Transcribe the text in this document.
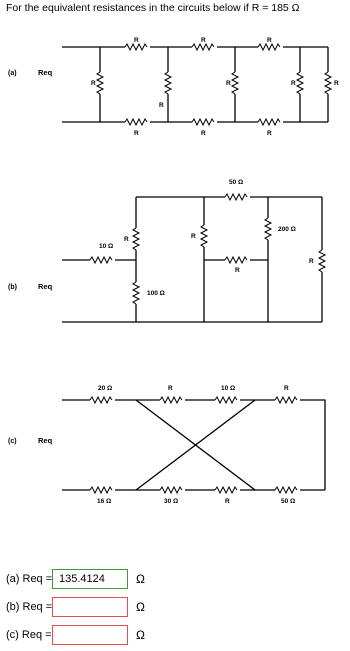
For the equivalent resistances in the circuits below if R = 185 Ω
(a)	Req
R	R	R
R	R	R
R
R
R	R	R
(b)	Req
10 Ω
R
100 Ω
50 Ω
R
200 Ω
R
R
(c)	Req
20 Ω	R	10 Ω	R
16 Ω	30 Ω	R	50 Ω
(a) Req = 135.4124	Ω
(b) Req =	Ω
(c) Req =	Ω
